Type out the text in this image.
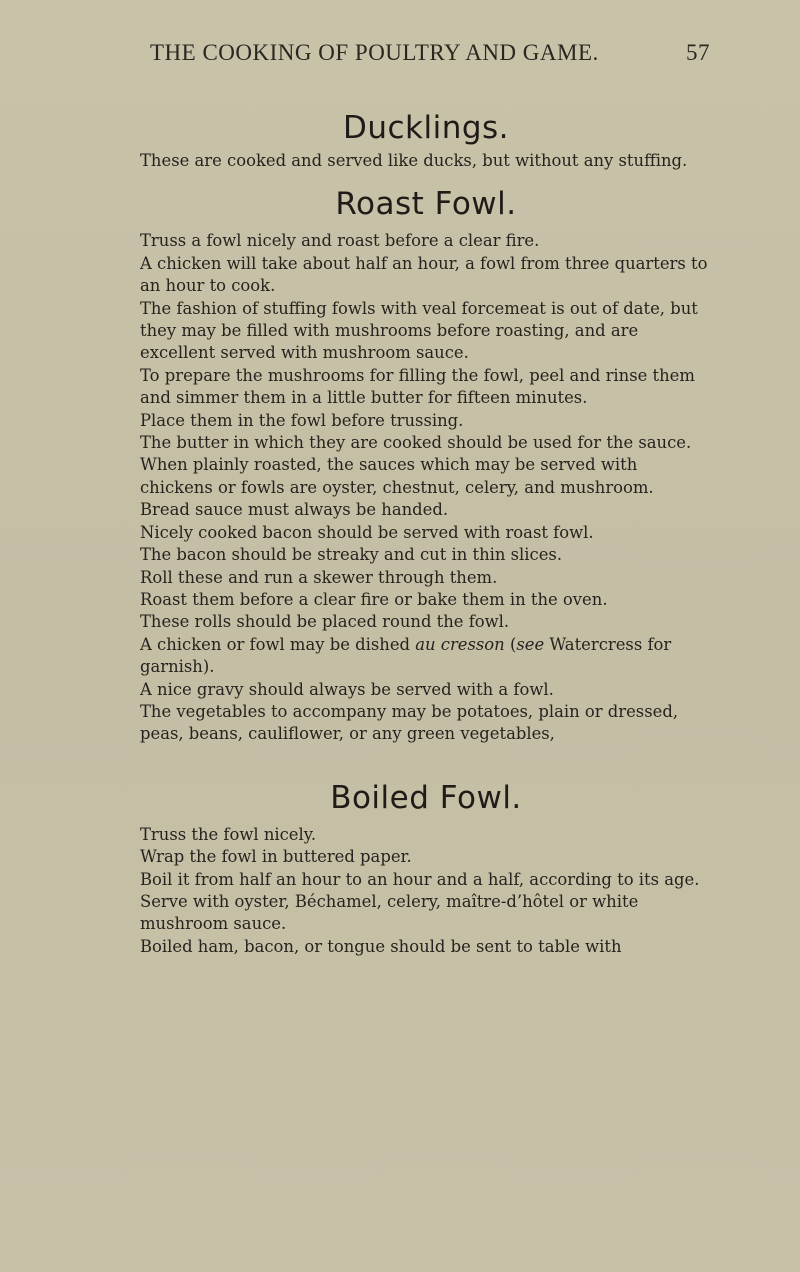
THE COOKING OF POULTRY AND GAME.	57
Ducklings.

These are cooked and served like ducks, but without any stuffing.

Roast Fowl.

Truss a fowl nicely and roast before a clear fire.

A chicken will take about half an hour, a fowl from three quarters to an hour to cook.

The fashion of stuffing fowls with veal forcemeat is out of date, but they may be filled with mushrooms before roasting, and are excellent served with mushroom sauce.

To prepare the mushrooms for filling the fowl, peel and rinse them and simmer them in a little butter for fifteen minutes.

Place them in the fowl before trussing.

The butter in which they are cooked should be used for the sauce.

When plainly roasted, the sauces which may be served with chickens or fowls are oyster, chestnut, celery, and mushroom.

Bread sauce must always be handed.

Nicely cooked bacon should be served with roast fowl.

The bacon should be streaky and cut in thin slices.

Roll these and run a skewer through them.

Roast them before a clear fire or bake them in the oven.

These rolls should be placed round the fowl.

A chicken or fowl may be dished au cresson (see Watercress for garnish).

A nice gravy should always be served with a fowl.

The vegetables to accompany may be potatoes, plain or dressed, peas, beans, cauliflower, or any green vegetables,

Boiled Fowl.

Truss the fowl nicely.

Wrap the fowl in buttered paper.

Boil it from half an hour to an hour and a half, according to its age.

Serve with oyster, Béchamel, celery, maître-d’hôtel or white mushroom sauce.

Boiled ham, bacon, or tongue should be sent to table with
